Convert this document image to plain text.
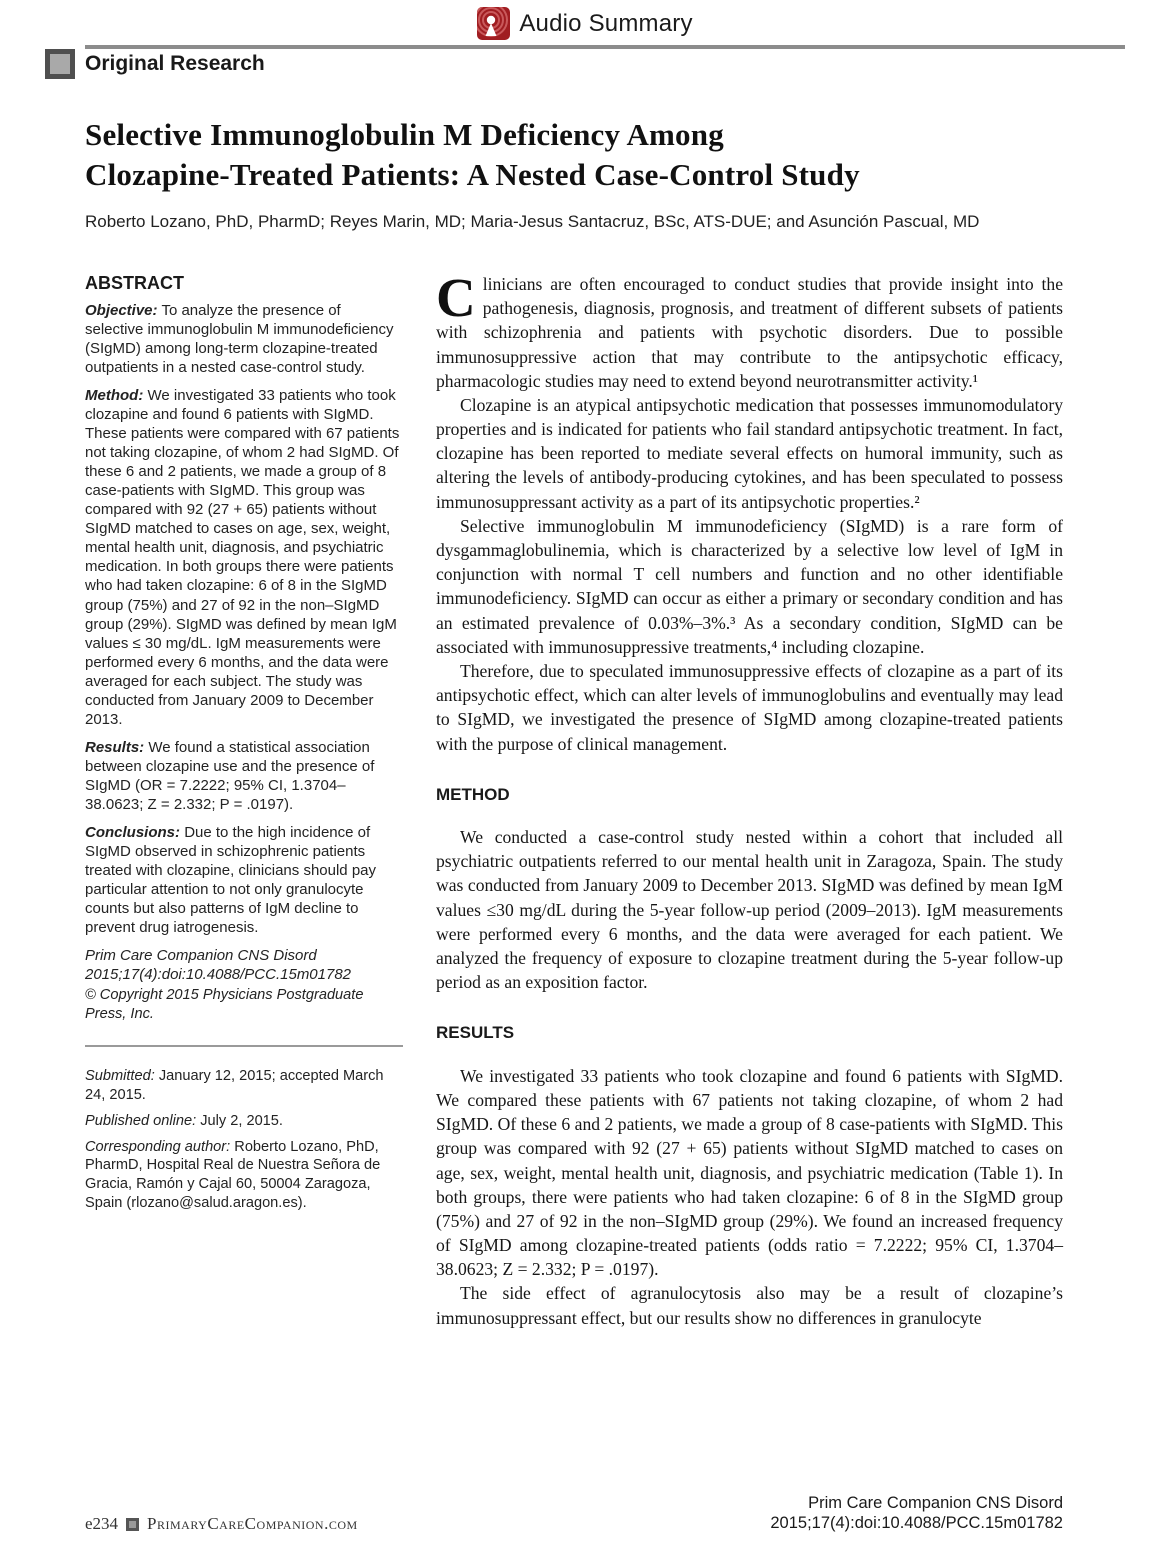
Audio Summary
Original Research
Selective Immunoglobulin M Deficiency Among
Clozapine-Treated Patients: A Nested Case-Control Study

Roberto Lozano, PhD, PharmD; Reyes Marin, MD; Maria-Jesus Santacruz, BSc, ATS-DUE; and Asunción Pascual, MD

ABSTRACT

Objective: To analyze the presence of selective immunoglobulin M immunodeficiency (SIgMD) among long-term clozapine-treated outpatients in a nested case-control study.

Method: We investigated 33 patients who took clozapine and found 6 patients with SIgMD. These patients were compared with 67 patients not taking clozapine, of whom 2 had SIgMD. Of these 6 and 2 patients, we made a group of 8 case-patients with SIgMD. This group was compared with 92 (27 + 65) patients without SIgMD matched to cases on age, sex, weight, mental health unit, diagnosis, and psychiatric medication. In both groups there were patients who had taken clozapine: 6 of 8 in the SIgMD group (75%) and 27 of 92 in the non–SIgMD group (29%). SIgMD was defined by mean IgM values ≤ 30 mg/dL. IgM measurements were performed every 6 months, and the data were averaged for each subject. The study was conducted from January 2009 to December 2013.

Results: We found a statistical association between clozapine use and the presence of SIgMD (OR = 7.2222; 95% CI, 1.3704–38.0623; Z = 2.332; P = .0197).

Conclusions: Due to the high incidence of SIgMD observed in schizophrenic patients treated with clozapine, clinicians should pay particular attention to not only granulocyte counts but also patterns of IgM decline to prevent drug iatrogenesis.

Prim Care Companion CNS Disord
2015;17(4):doi:10.4088/PCC.15m01782

© Copyright 2015 Physicians Postgraduate Press, Inc.

Submitted: January 12, 2015; accepted March 24, 2015.

Published online: July 2, 2015.

Corresponding author: Roberto Lozano, PhD, PharmD, Hospital Real de Nuestra Señora de Gracia, Ramón y Cajal 60, 50004 Zaragoza, Spain (rlozano@salud.aragon.es).

Clinicians are often encouraged to conduct studies that provide insight into the pathogenesis, diagnosis, prognosis, and treatment of different subsets of patients with schizophrenia and patients with psychotic disorders. Due to possible immunosuppressive action that may contribute to the antipsychotic efficacy, pharmacologic studies may need to extend beyond neurotransmitter activity.¹

Clozapine is an atypical antipsychotic medication that possesses immunomodulatory properties and is indicated for patients who fail standard antipsychotic treatment. In fact, clozapine has been reported to mediate several effects on humoral immunity, such as altering the levels of antibody-producing cytokines, and has been speculated to possess immunosuppressant activity as a part of its antipsychotic properties.²

Selective immunoglobulin M immunodeficiency (SIgMD) is a rare form of dysgammaglobulinemia, which is characterized by a selective low level of IgM in conjunction with normal T cell numbers and function and no other identifiable immunodeficiency. SIgMD can occur as either a primary or secondary condition and has an estimated prevalence of 0.03%–3%.³ As a secondary condition, SIgMD can be associated with immunosuppressive treatments,⁴ including clozapine.

Therefore, due to speculated immunosuppressive effects of clozapine as a part of its antipsychotic effect, which can alter levels of immunoglobulins and eventually may lead to SIgMD, we investigated the presence of SIgMD among clozapine-treated patients with the purpose of clinical management.

METHOD

We conducted a case-control study nested within a cohort that included all psychiatric outpatients referred to our mental health unit in Zaragoza, Spain. The study was conducted from January 2009 to December 2013. SIgMD was defined by mean IgM values ≤30 mg/dL during the 5-year follow-up period (2009–2013). IgM measurements were performed every 6 months, and the data were averaged for each patient. We analyzed the frequency of exposure to clozapine treatment during the 5-year follow-up period as an exposition factor.

RESULTS

We investigated 33 patients who took clozapine and found 6 patients with SIgMD. We compared these patients with 67 patients not taking clozapine, of whom 2 had SIgMD. Of these 6 and 2 patients, we made a group of 8 case-patients with SIgMD. This group was compared with 92 (27 + 65) patients without SIgMD matched to cases on age, sex, weight, mental health unit, diagnosis, and psychiatric medication (Table 1). In both groups, there were patients who had taken clozapine: 6 of 8 in the SIgMD group (75%) and 27 of 92 in the non–SIgMD group (29%). We found an increased frequency of SIgMD among clozapine-treated patients (odds ratio = 7.2222; 95% CI, 1.3704–38.0623; Z = 2.332; P = .0197).

The side effect of agranulocytosis also may be a result of clozapine’s immunosuppressant effect, but our results show no differences in granulocyte

e234 PrimaryCareCompanion.com
Prim Care Companion CNS Disord
2015;17(4):doi:10.4088/PCC.15m01782
